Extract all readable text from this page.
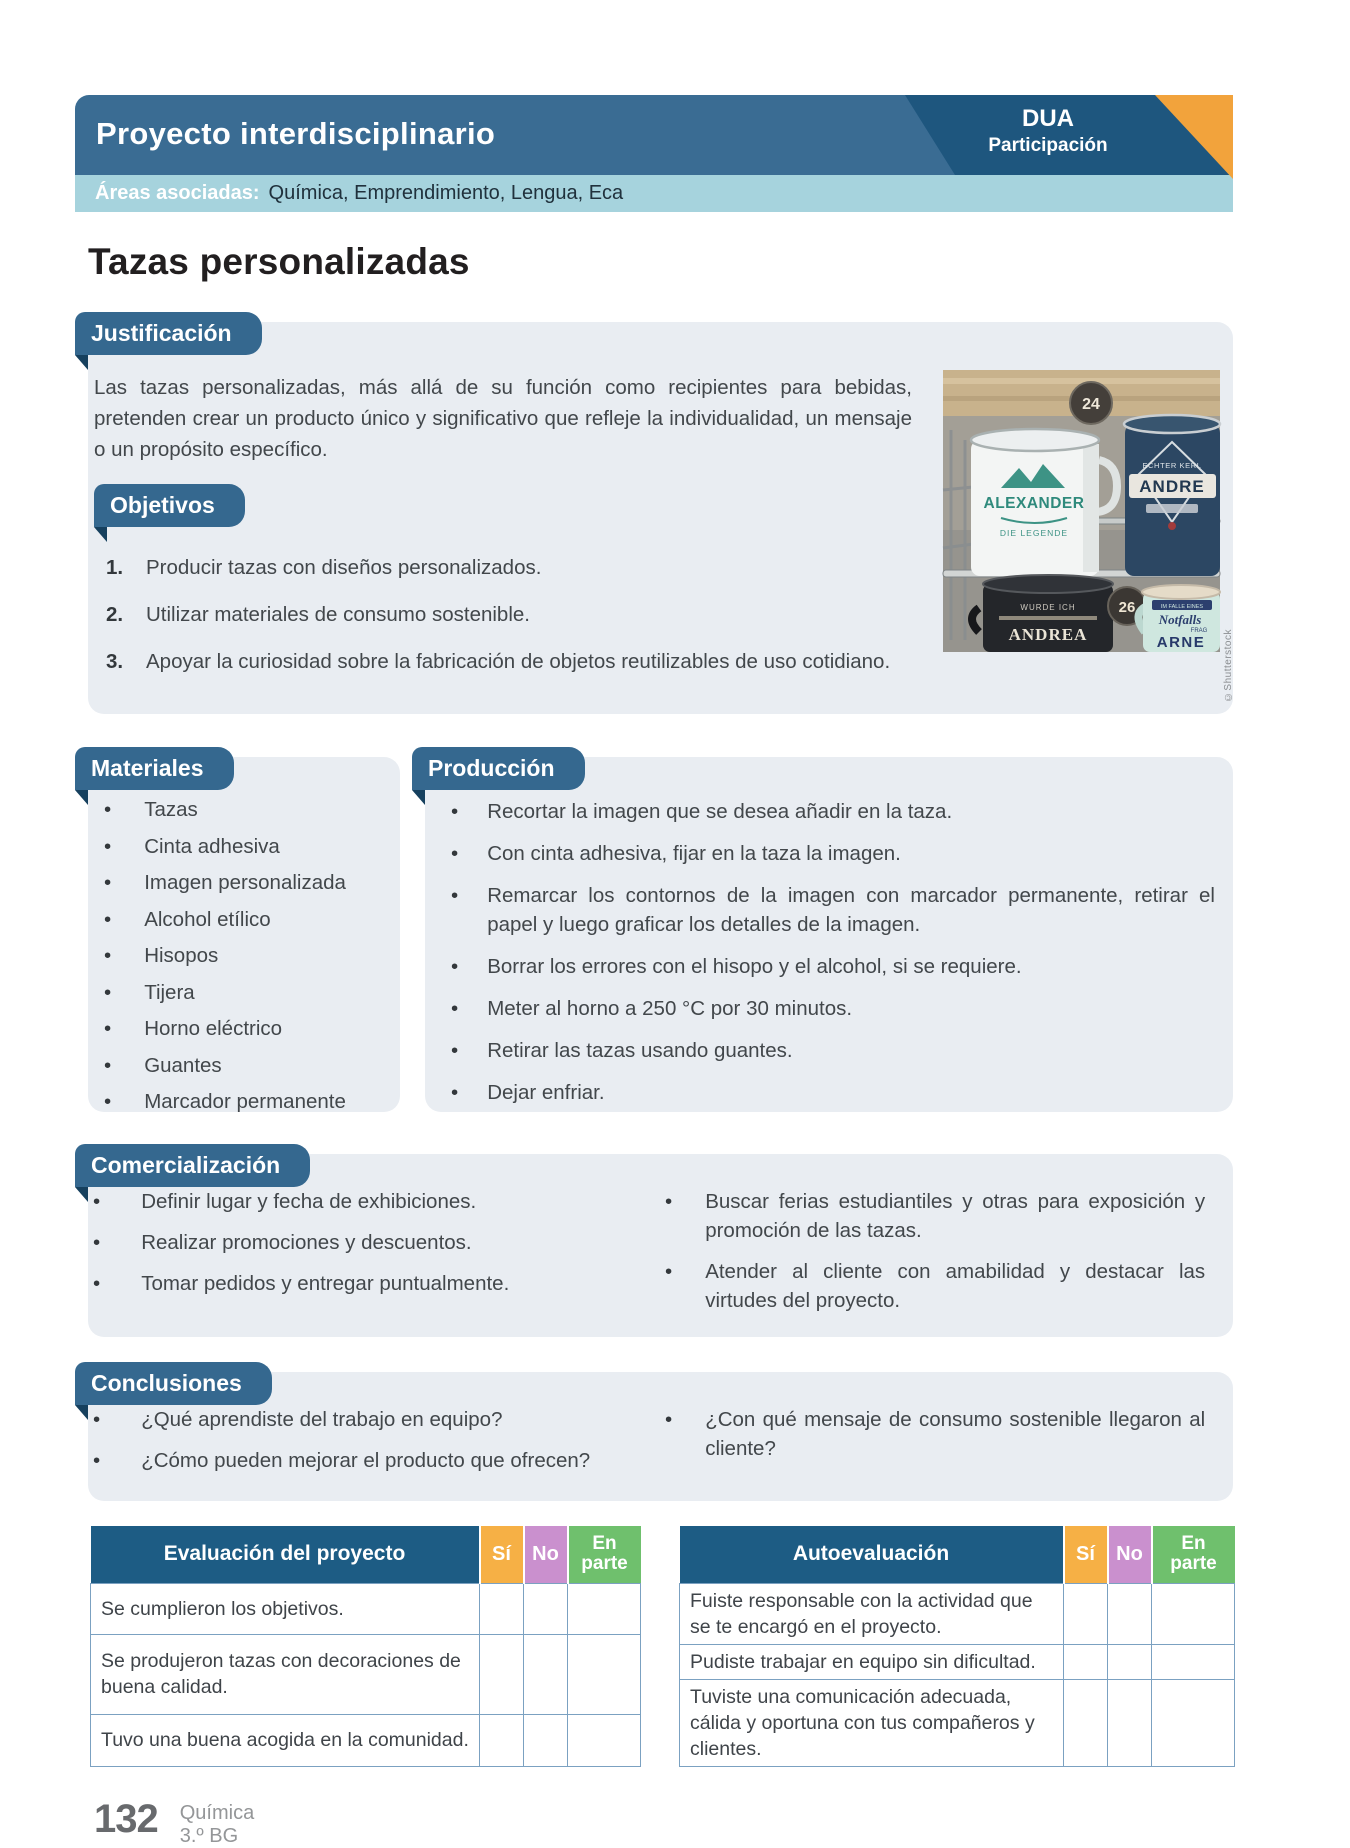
Proyecto interdisciplinario	DUA
Participación
Áreas asociadas: Química, Emprendimiento, Lengua, Eca
Tazas personalizadas
Justificación

Las tazas personalizadas, más allá de su función como recipientes para bebidas, pretenden crear un producto único y significativo que refleje la individualidad, un mensaje o un propósito específico.

Objetivos
1.	Producir tazas con diseños personalizados.
2.	Utilizar materiales de consumo sostenible.
3.	Apoyar la curiosidad sobre la fabricación de objetos reutilizables de uso cotidiano.
ALEXANDER
DIE LEGENDE
24
ECHTER KERL
ANDRE
WURDE ICH
ANDREA
26	IM FALLE EINES
Notfalls
FRAG
ARNE ©Shutterstock
Materiales
• Tazas
• Cinta adhesiva
• Imagen personalizada
• Alcohol etílico
• Hisopos
• Tijera
• Horno eléctrico
• Guantes
• Marcador permanente
Producción
• Recortar la imagen que se desea añadir en la taza.
• Con cinta adhesiva, fijar en la taza la imagen.
• Remarcar los contornos de la imagen con marcador permanente, retirar el papel y luego graficar los detalles de la imagen.
• Borrar los errores con el hisopo y el alcohol, si se requiere.
• Meter al horno a 250 °C por 30 minutos.
• Retirar las tazas usando guantes.
• Dejar enfriar.
Comercialización
• Definir lugar y fecha de exhibiciones.
• Realizar promociones y descuentos.
• Tomar pedidos y entregar puntualmente.
• Buscar ferias estudiantiles y otras para exposición y promoción de las tazas.
• Atender al cliente con amabilidad y destacar las virtudes del proyecto.
Conclusiones
• ¿Qué aprendiste del trabajo en equipo?
• ¿Cómo pueden mejorar el producto que ofrecen?
• ¿Con qué mensaje de consumo sostenible llegaron al cliente?
Evaluación del proyecto	Sí	No	En parte
Se cumplieron los objetivos.			
Se produjeron tazas con decoraciones de buena calidad.			
Tuvo una buena acogida en la comunidad.			
Autoevaluación	Sí	No	En parte
Fuiste responsable con la actividad que se te encargó en el proyecto.			
Pudiste trabajar en equipo sin dificultad.			
Tuviste una comunicación adecuada, cálida y oportuna con tus compañeros y clientes.			
132 Química
3.º BG
